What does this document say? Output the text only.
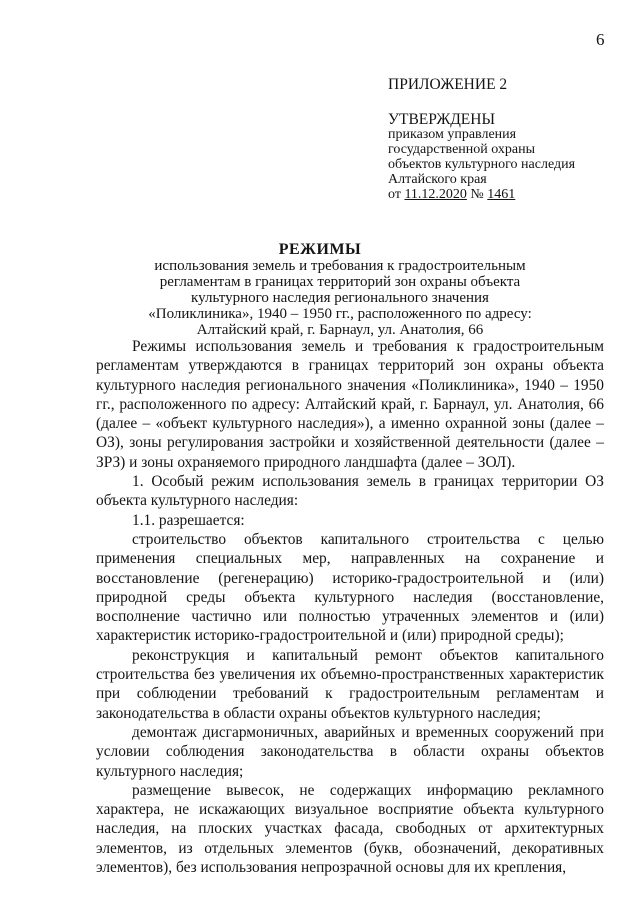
6
ПРИЛОЖЕНИЕ 2
УТВЕРЖДЕНЫ
приказом управления
государственной охраны
объектов культурного наследия
Алтайского края
от 11.12.2020 № 1461
РЕЖИМЫ
использования земель и требования к градостроительным
регламентам в границах территорий зон охраны объекта
культурного наследия регионального значения
«Поликлиника», 1940 – 1950 гг., расположенного по адресу:
Алтайский край, г. Барнаул, ул. Анатолия, 66

Режимы использования земель и требования к градостроительным регламентам утверждаются в границах территорий зон охраны объекта культурного наследия регионального значения «Поликлиника», 1940 – 1950 гг., расположенного по адресу: Алтайский край, г. Барнаул, ул. Анатолия, 66 (далее – «объект культурного наследия»), а именно охранной зоны (далее – ОЗ), зоны регулирования застройки и хозяйственной деятельности (далее – ЗРЗ) и зоны охраняемого природного ландшафта (далее – ЗОЛ).

1. Особый режим использования земель в границах территории ОЗ объекта культурного наследия:

1.1. разрешается:

строительство объектов капитального строительства с целью применения специальных мер, направленных на сохранение и восстановление (регенерацию) историко-градостроительной и (или) природной среды объекта культурного наследия (восстановление, восполнение частично или полностью утраченных элементов и (или) характеристик историко-градостроительной и (или) природной среды);

реконструкция и капитальный ремонт объектов капитального строительства без увеличения их объемно-пространственных характеристик при соблюдении требований к градостроительным регламентам и законодательства в области охраны объектов культурного наследия;

демонтаж дисгармоничных, аварийных и временных сооружений при условии соблюдения законодательства в области охраны объектов культурного наследия;

размещение вывесок, не содержащих информацию рекламного характера, не искажающих визуальное восприятие объекта культурного наследия, на плоских участках фасада, свободных от архитектурных элементов, из отдельных элементов (букв, обозначений, декоративных элементов), без использования непрозрачной основы для их крепления,
